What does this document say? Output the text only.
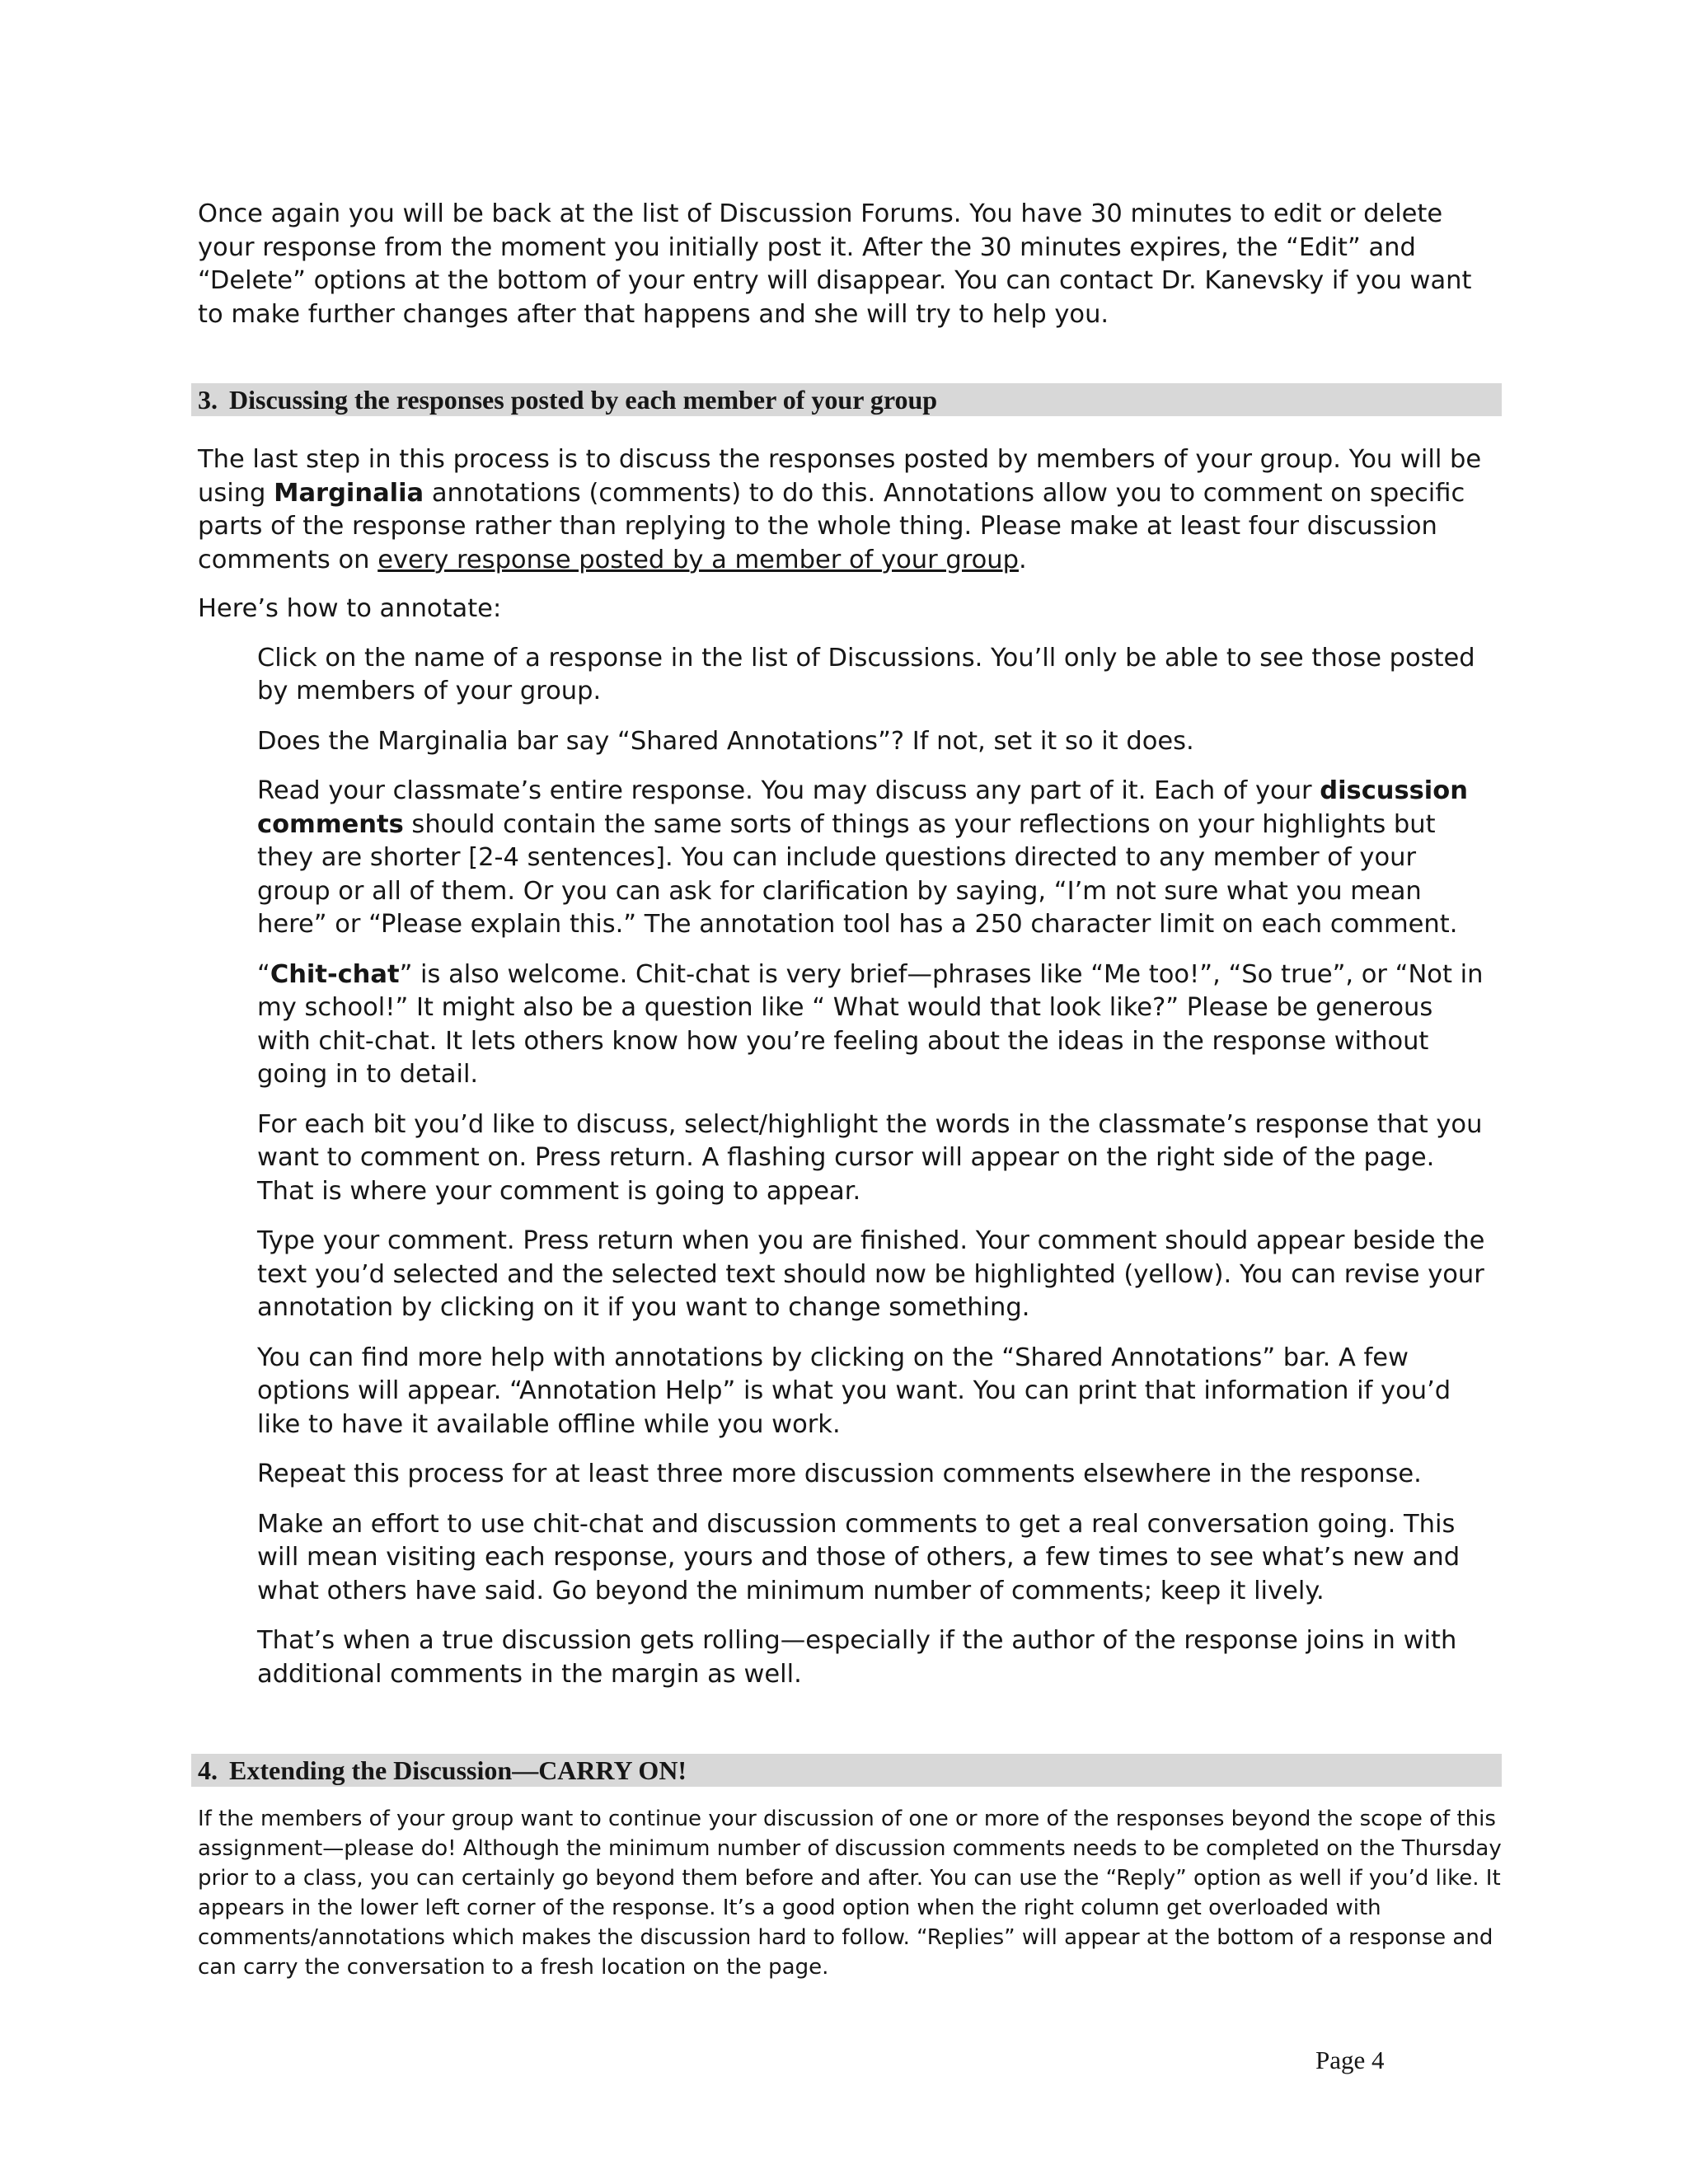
Once again you will be back at the list of Discussion Forums. You have 30 minutes to edit or delete your response from the moment you initially post it. After the 30 minutes expires, the “Edit” and “Delete” options at the bottom of your entry will disappear. You can contact Dr. Kanevsky if you want to make further changes after that happens and she will try to help you.

3. Discussing the responses posted by each member of your group

The last step in this process is to discuss the responses posted by members of your group. You will be using Marginalia annotations (comments) to do this. Annotations allow you to comment on specific parts of the response rather than replying to the whole thing. Please make at least four discussion comments on every response posted by a member of your group.

Here’s how to annotate:

Click on the name of a response in the list of Discussions. You’ll only be able to see those posted by members of your group.

Does the Marginalia bar say “Shared Annotations”? If not, set it so it does.

Read your classmate’s entire response. You may discuss any part of it. Each of your discussion comments should contain the same sorts of things as your reflections on your highlights but they are shorter [2-4 sentences]. You can include questions directed to any member of your group or all of them. Or you can ask for clarification by saying, “I’m not sure what you mean here” or “Please explain this.” The annotation tool has a 250 character limit on each comment.

“Chit-chat” is also welcome. Chit-chat is very brief—phrases like “Me too!”, “So true”, or “Not in my school!” It might also be a question like “ What would that look like?” Please be generous with chit-chat. It lets others know how you’re feeling about the ideas in the response without going in to detail.

For each bit you’d like to discuss, select/highlight the words in the classmate’s response that you want to comment on. Press return. A flashing cursor will appear on the right side of the page. That is where your comment is going to appear.

Type your comment. Press return when you are finished. Your comment should appear beside the text you’d selected and the selected text should now be highlighted (yellow). You can revise your annotation by clicking on it if you want to change something.

You can find more help with annotations by clicking on the “Shared Annotations” bar. A few options will appear. “Annotation Help” is what you want. You can print that information if you’d like to have it available offline while you work.

Repeat this process for at least three more discussion comments elsewhere in the response.

Make an effort to use chit-chat and discussion comments to get a real conversation going. This will mean visiting each response, yours and those of others, a few times to see what’s new and what others have said. Go beyond the minimum number of comments; keep it lively.

That’s when a true discussion gets rolling—especially if the author of the response joins in with additional comments in the margin as well.

4. Extending the Discussion—CARRY ON!

If the members of your group want to continue your discussion of one or more of the responses beyond the scope of this assignment—please do! Although the minimum number of discussion comments needs to be completed on the Thursday prior to a class, you can certainly go beyond them before and after. You can use the “Reply” option as well if you’d like. It appears in the lower left corner of the response. It’s a good option when the right column get overloaded with comments/annotations which makes the discussion hard to follow. “Replies” will appear at the bottom of a response and can carry the conversation to a fresh location on the page.

Page 4
